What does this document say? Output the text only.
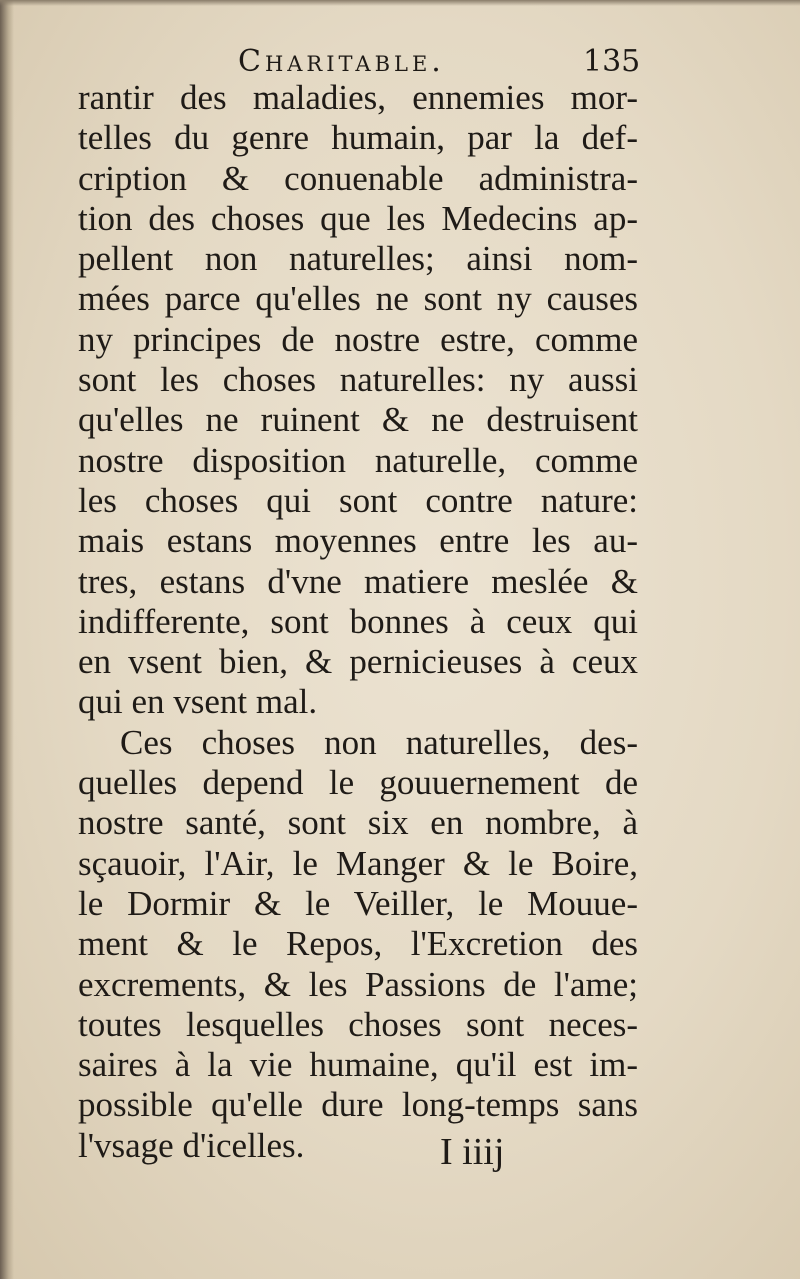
Charitable.	135
rantir des maladies, ennemies mor-
telles du genre humain, par la def-
cription & conuenable administra-
tion des choses que les Medecins ap-
pellent non naturelles; ainsi nom-
mées parce qu'elles ne sont ny causes
ny principes de nostre estre, comme
sont les choses naturelles: ny aussi
qu'elles ne ruinent & ne destruisent
nostre disposition naturelle, comme
les choses qui sont contre nature:
mais estans moyennes entre les au-
tres, estans d'vne matiere meslée &
indifferente, sont bonnes à ceux qui
en vsent bien, & pernicieuses à ceux
qui en vsent mal.
Ces choses non naturelles, des-
quelles depend le gouuernement de
nostre santé, sont six en nombre, à
sçauoir, l'Air, le Manger & le Boire,
le Dormir & le Veiller, le Mouue-
ment & le Repos, l'Excretion des
excrements, & les Passions de l'ame;
toutes lesquelles choses sont neces-
saires à la vie humaine, qu'il est im-
possible qu'elle dure long-temps sans
l'vsage d'icelles.	I iiij
